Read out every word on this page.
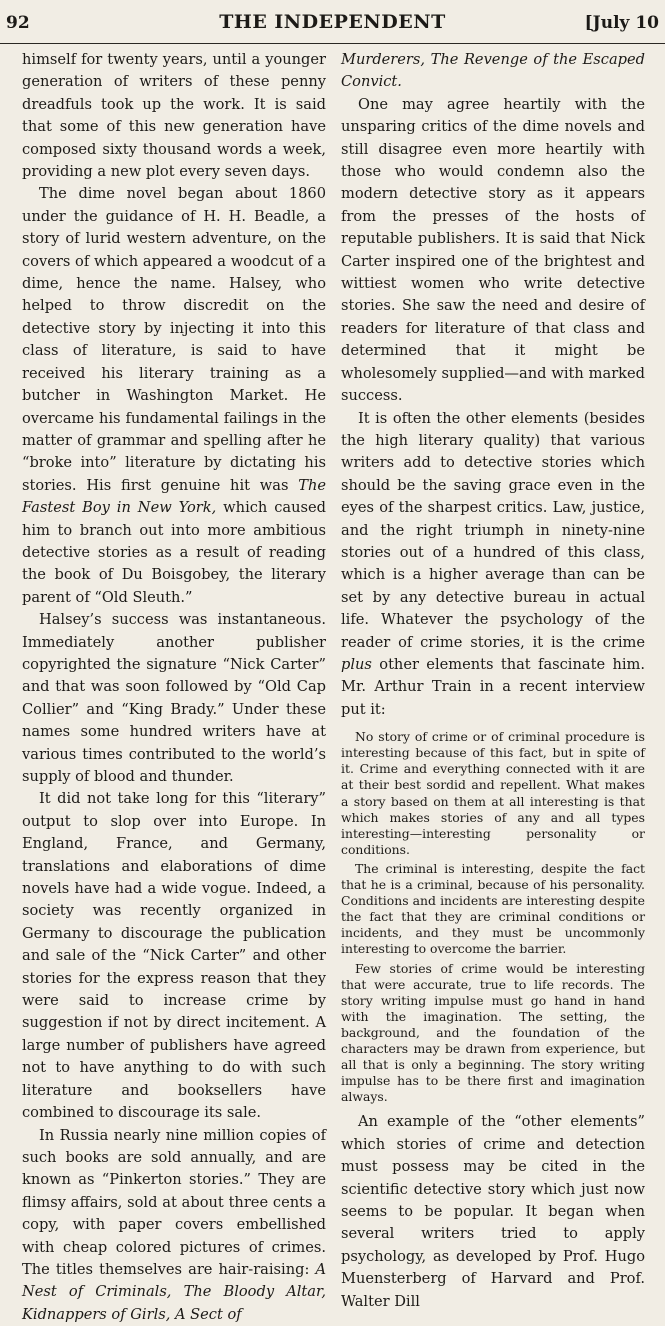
92	THE INDEPENDENT	[July 10

himself for twenty years, until a younger generation of writers of these penny dreadfuls took up the work. It is said that some of this new generation have composed sixty thousand words a week, providing a new plot every seven days.

The dime novel began about 1860 under the guidance of H. H. Beadle, a story of lurid western adventure, on the covers of which appeared a woodcut of a dime, hence the name. Halsey, who helped to throw discredit on the detective story by injecting it into this class of literature, is said to have received his literary training as a butcher in Washington Market. He overcame his fundamental failings in the matter of grammar and spelling after he “broke into” literature by dictating his stories. His first genuine hit was The Fastest Boy in New York, which caused him to branch out into more ambitious detective stories as a result of reading the book of Du Boisgobey, the literary parent of “Old Sleuth.”

Halsey’s success was instantaneous. Immediately another publisher copyrighted the signature “Nick Carter” and that was soon followed by “Old Cap Collier” and “King Brady.” Under these names some hundred writers have at various times contributed to the world’s supply of blood and thunder.

It did not take long for this “literary” output to slop over into Europe. In England, France, and Germany, translations and elaborations of dime novels have had a wide vogue. Indeed, a society was recently organized in Germany to discourage the publication and sale of the “Nick Carter” and other stories for the express reason that they were said to increase crime by suggestion if not by direct incitement. A large number of publishers have agreed not to have anything to do with such literature and booksellers have combined to discourage its sale.

In Russia nearly nine million copies of such books are sold annually, and are known as “Pinkerton stories.” They are flimsy affairs, sold at about three cents a copy, with paper covers embellished with cheap colored pictures of crimes. The titles themselves are hair-raising: A Nest of Criminals, The Bloody Altar, Kidnappers of Girls, A Sect of

Murderers, The Revenge of the Escaped Convict.

One may agree heartily with the unsparing critics of the dime novels and still disagree even more heartily with those who would condemn also the modern detective story as it appears from the presses of the hosts of reputable publishers. It is said that Nick Carter inspired one of the brightest and wittiest women who write detective stories. She saw the need and desire of readers for literature of that class and determined that it might be wholesomely supplied—and with marked success.

It is often the other elements (besides the high literary quality) that various writers add to detective stories which should be the saving grace even in the eyes of the sharpest critics. Law, justice, and the right triumph in ninety-nine stories out of a hundred of this class, which is a higher average than can be set by any detective bureau in actual life. Whatever the psychology of the reader of crime stories, it is the crime plus other elements that fascinate him. Mr. Arthur Train in a recent interview put it:

No story of crime or of criminal procedure is interesting because of this fact, but in spite of it. Crime and everything connected with it are at their best sordid and repellent. What makes a story based on them at all interesting is that which makes stories of any and all types interesting—interesting personality or conditions.

The criminal is interesting, despite the fact that he is a criminal, because of his personality. Conditions and incidents are interesting despite the fact that they are criminal conditions or incidents, and they must be uncommonly interesting to overcome the barrier.

Few stories of crime would be interesting that were accurate, true to life records. The story writing impulse must go hand in hand with the imagination. The setting, the background, and the foundation of the characters may be drawn from experience, but all that is only a beginning. The story writing impulse has to be there first and imagination always.

An example of the “other elements” which stories of crime and detection must possess may be cited in the scientific detective story which just now seems to be popular. It began when several writers tried to apply psychology, as developed by Prof. Hugo Muensterberg of Harvard and Prof. Walter Dill
